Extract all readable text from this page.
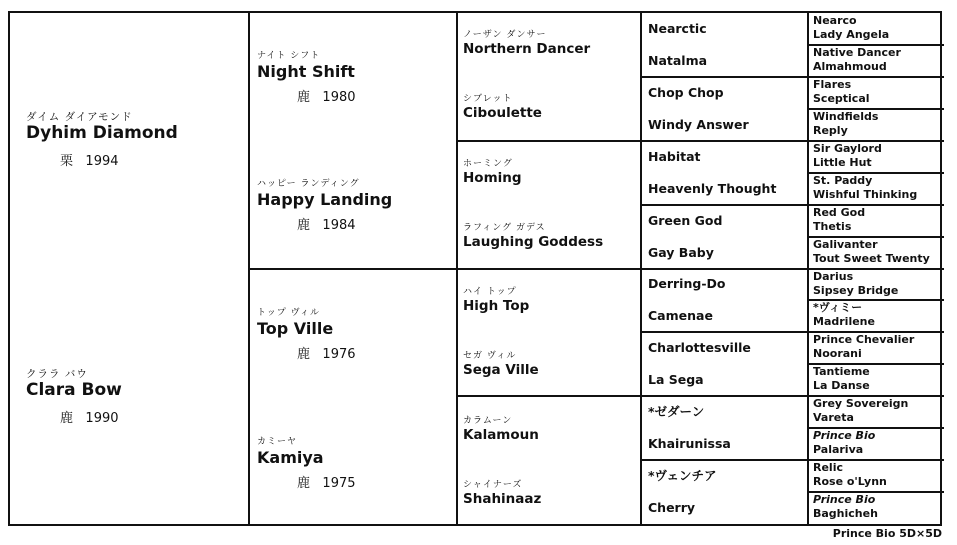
ダイム ダイアモンド
Dyhim Diamond
栗 1994
クララ バウ
Clara Bow
鹿 1990
ナイト シフト
Night Shift
鹿 1980
ハッピー ランディング
Happy Landing
鹿 1984
トップ ヴィル
Top Ville
鹿 1976
カミーヤ
Kamiya
鹿 1975
ノーザン ダンサー
Northern Dancer
シブレット
Ciboulette
ホーミング
Homing
ラフィング ガデス
Laughing Goddess
ハイ トップ
High Top
セガ ヴィル
Sega Ville
カラムーン
Kalamoun
シャイナーズ
Shahinaaz
Nearctic
Natalma
Chop Chop
Windy Answer
Habitat
Heavenly Thought
Green God
Gay Baby
Derring-Do
Camenae
Charlottesville
La Sega
*ゼダーン
Khairunissa
*ヴェンチア
Cherry
Nearco
Lady Angela
Native Dancer
Almahmoud
Flares
Sceptical
Windfields
Reply
Sir Gaylord
Little Hut
St. Paddy
Wishful Thinking
Red God
Thetis
Galivanter
Tout Sweet Twenty
Darius
Sipsey Bridge
*ヴィミー
Madrilene
Prince Chevalier
Noorani
Tantieme
La Danse
Grey Sovereign
Vareta
Prince Bio
Palariva
Relic
Rose o'Lynn
Prince Bio
Baghicheh
Prince Bio 5D×5D
